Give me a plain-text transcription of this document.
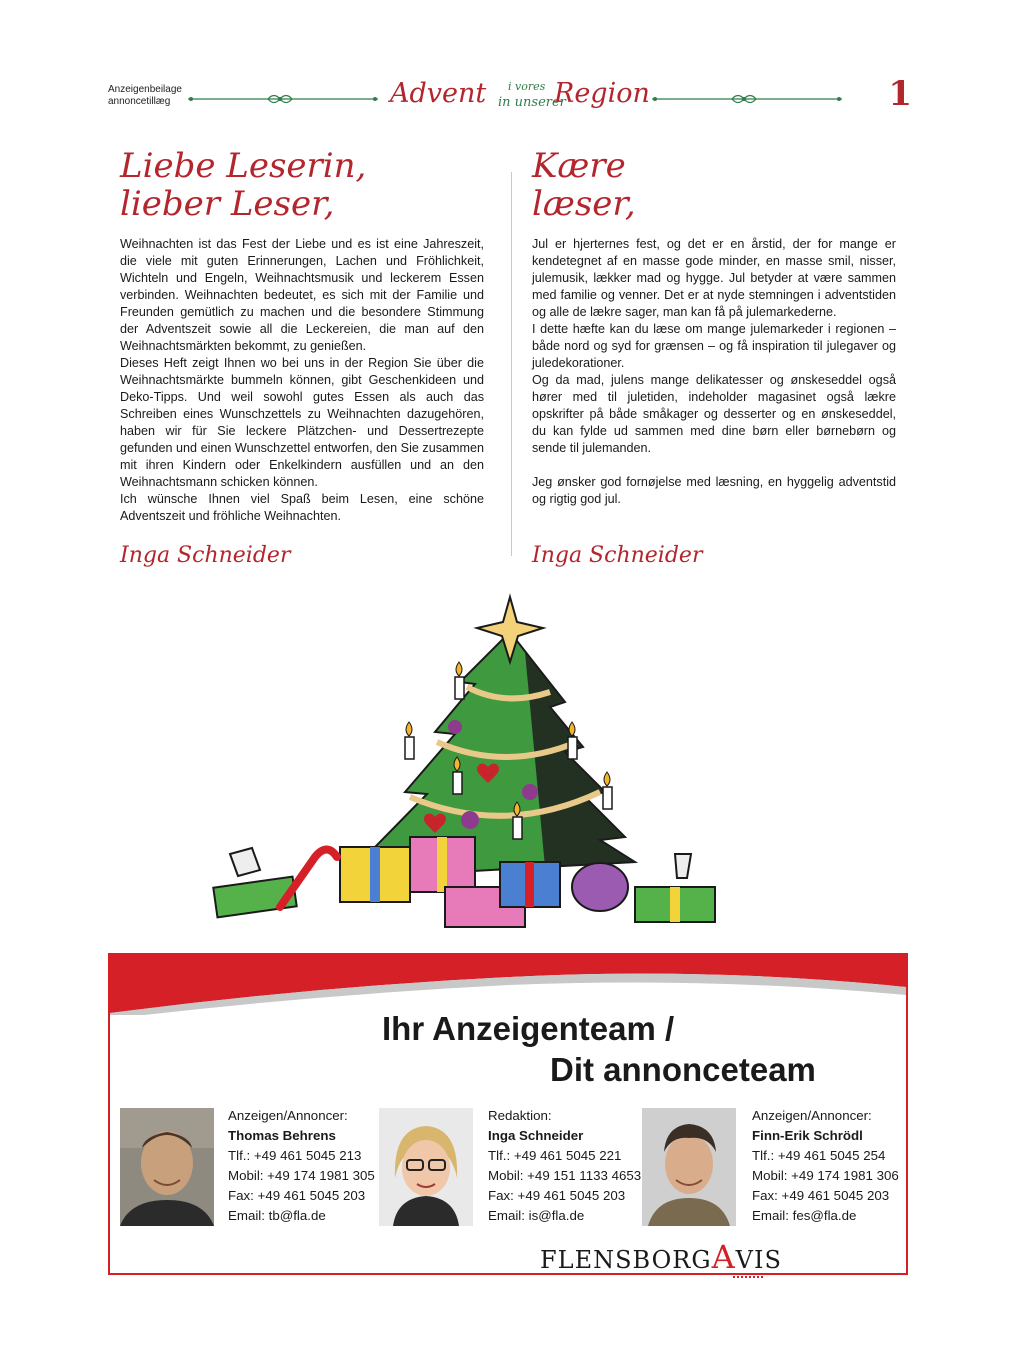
Anzeigenbeilage
annoncetillæg	Advent i vores
in unserer
Region	1
Liebe Leserin,
lieber Leser,

Weihnachten ist das Fest der Liebe und es ist eine Jahreszeit, die viele mit guten Erinnerungen, Lachen und Fröhlichkeit, Wichteln und Engeln, Weihnachtsmusik und leckerem Essen verbinden. Weihnachten bedeutet, es sich mit der Familie und Freunden gemütlich zu machen und die besondere Stimmung der Adventszeit sowie all die Leckereien, die man auf den Weihnachtsmärkten bekommt, zu genießen.

Dieses Heft zeigt Ihnen wo bei uns in der Region Sie über die Weihnachtsmärkte bummeln können, gibt Geschenkideen und Deko-Tipps. Und weil sowohl gutes Essen als auch das Schreiben eines Wunschzettels zu Weihnachten dazugehören, haben wir für Sie leckere Plätzchen- und Dessertrezepte gefunden und einen Wunschzettel entworfen, den Sie zusammen mit ihren Kindern oder Enkelkindern ausfüllen und an den Weihnachtsmann schicken können.

Ich wünsche Ihnen viel Spaß beim Lesen, eine schöne Adventszeit und fröhliche Weihnachten.

Inga Schneider
Kære
læser,

Jul er hjerternes fest, og det er en årstid, der for mange er kendetegnet af en masse gode minder, en masse smil, nisser, julemusik, lækker mad og hygge. Jul betyder at være sammen med familie og venner. Det er at nyde stemningen i adventstiden og alle de lækre sager, man kan få på julemarkederne.

I dette hæfte kan du læse om mange julemarkeder i regionen – både nord og syd for grænsen – og få inspiration til julegaver og juledekorationer.

Og da mad, julens mange delikatesser og ønskeseddel også hører med til juletiden, indeholder magasinet også lækre opskrifter på både småkager og desserter og en ønskeseddel, du kan fylde ud sammen med dine børn eller børnebørn og sende til julemanden.

Jeg ønsker god fornøjelse med læsning, en hyggelig adventstid og rigtig god jul.

Inga Schneider
Ihr Anzeigenteam /
Dit annonceteam
Anzeigen/Annoncer:
Thomas Behrens
Tlf.: +49 461 5045 213
Mobil: +49 174 1981 305
Fax: +49 461 5045 203
Email: tb@fla.de
Redaktion:
Inga Schneider
Tlf.: +49 461 5045 221
Mobil: +49 151 1133 4653
Fax: +49 461 5045 203
Email: is@fla.de
Anzeigen/Annoncer:
Finn-Erik Schrödl
Tlf.: +49 461 5045 254
Mobil: +49 174 1981 306
Fax: +49 461 5045 203
Email: fes@fla.de
FLENSBORGAVIS
